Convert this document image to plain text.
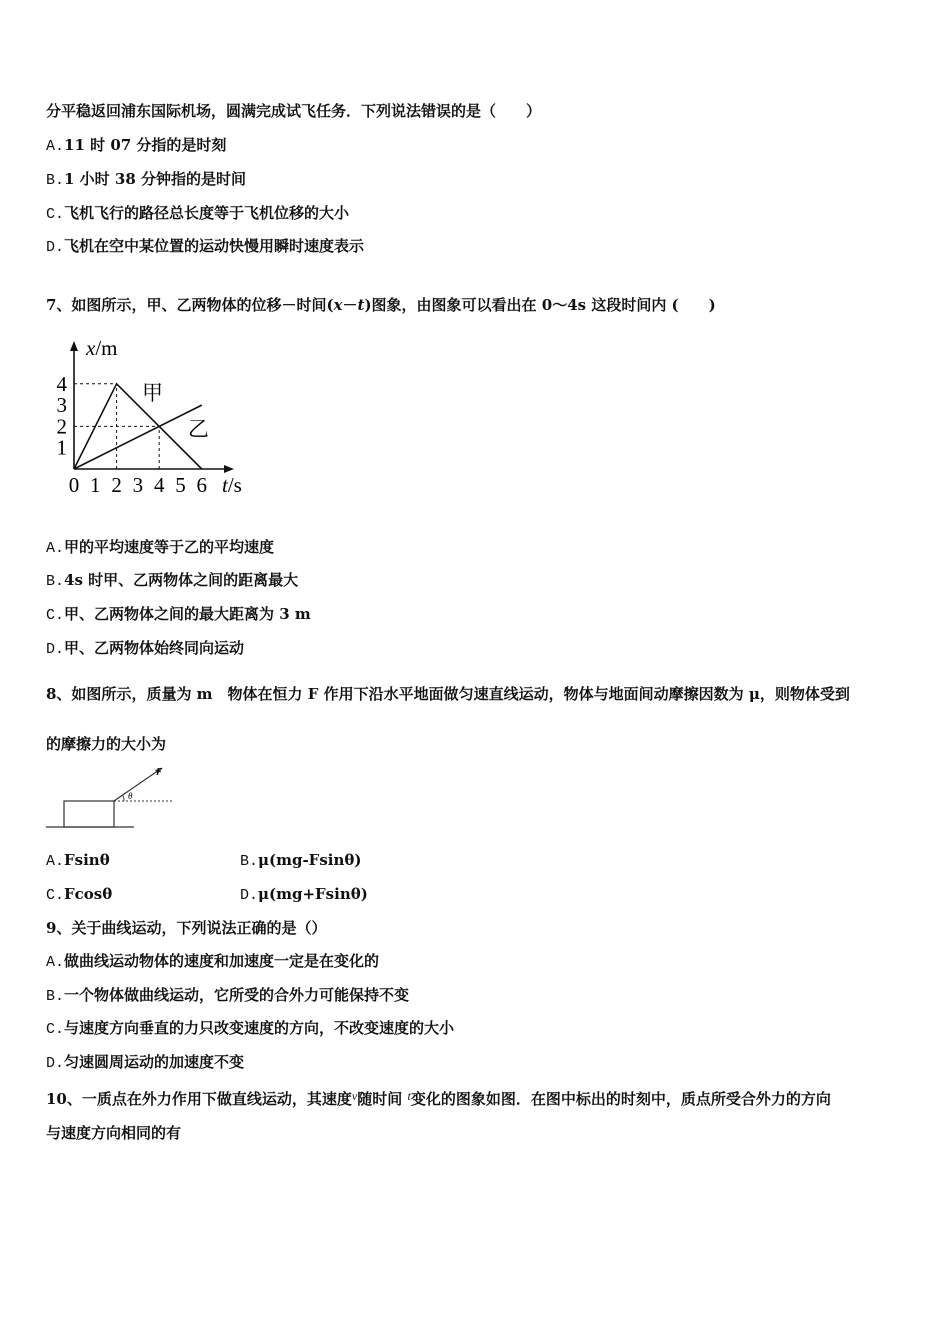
分平稳返回浦东国际机场，圆满完成试飞任务．下列说法错误的是（　　）
A.11 时 07 分指的是时刻
B.1 小时 38 分钟指的是时间
C.飞机飞行的路径总长度等于飞机位移的大小
D.飞机在空中某位置的运动快慢用瞬时速度表示
7、如图所示，甲、乙两物体的位移－时间(x－t)图象，由图象可以看出在 0～4s 这段时间内 (　　)
0 1 2 3 4 5 6
1
2
3
4
x/m
t/s
甲
乙
A.甲的平均速度等于乙的平均速度
B.4s 时甲、乙两物体之间的距离最大
C.甲、乙两物体之间的最大距离为 3 m
D.甲、乙两物体始终同向运动
8、如图所示，质量为 m　物体在恒力 F 作用下沿水平地面做匀速直线运动，物体与地面间动摩擦因数为 μ，则物体受到
的摩擦力的大小为
θ
F
A.Fsinθ	B.μ(mg-Fsinθ)
C.Fcosθ	D.μ(mg+Fsinθ)
9、关于曲线运动，下列说法正确的是（）
A.做曲线运动物体的速度和加速度一定是在变化的
B.一个物体做曲线运动，它所受的合外力可能保持不变
C.与速度方向垂直的力只改变速度的方向，不改变速度的大小
D.匀速圆周运动的加速度不变
10、一质点在外力作用下做直线运动，其速度$^v$随时间 $^t$变化的图象如图．在图中标出的时刻中，质点所受合外力的方向
与速度方向相同的有
